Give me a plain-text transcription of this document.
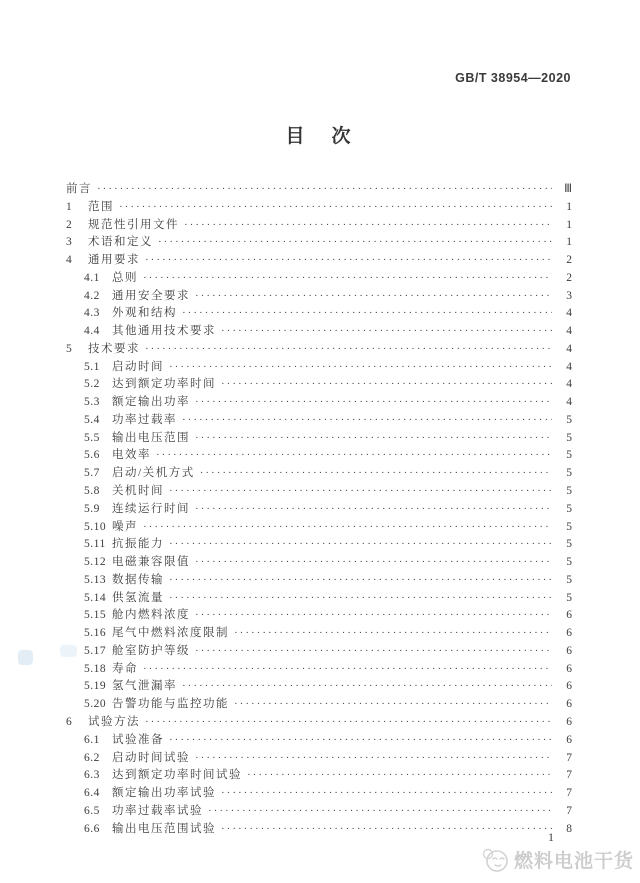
GB/T 38954—2020
目　次
前言 ·····	Ⅲ
1	范围 ·····	1
2	规范性引用文件 ·····	1
3	术语和定义 ·····	1
4	通用要求 ·····	2
4.1	总则 ·····	2
4.2	通用安全要求 ·····	3
4.3	外观和结构 ·····	4
4.4	其他通用技术要求 ·····	4
5	技术要求 ·····	4
5.1	启动时间 ·····	4
5.2	达到额定功率时间 ·····	4
5.3	额定输出功率 ·····	4
5.4	功率过载率 ·····	5
5.5	输出电压范围 ·····	5
5.6	电效率 ·····	5
5.7	启动/关机方式 ·····	5
5.8	关机时间 ·····	5
5.9	连续运行时间 ·····	5
5.10 噪声 ·····	5
5.11 抗振能力 ·····	5
5.12 电磁兼容限值 ·····	5
5.13 数据传输 ·····	5
5.14 供氢流量 ·····	5
5.15 舱内燃料浓度 ·····	6
5.16 尾气中燃料浓度限制 ·····	6
5.17 舱室防护等级 ·····	6
5.18 寿命 ·····	6
5.19 氢气泄漏率 ·····	6
5.20 告警功能与监控功能 ·····	6
6	试验方法 ·····	6
6.1	试验准备 ·····	6
6.2	启动时间试验 ·····	7
6.3	达到额定功率时间试验 ·····	7
6.4	额定输出功率试验 ·····	7
6.5	功率过载率试验 ·····	7
6.6	输出电压范围试验 ·····	8
1
燃料电池干货
